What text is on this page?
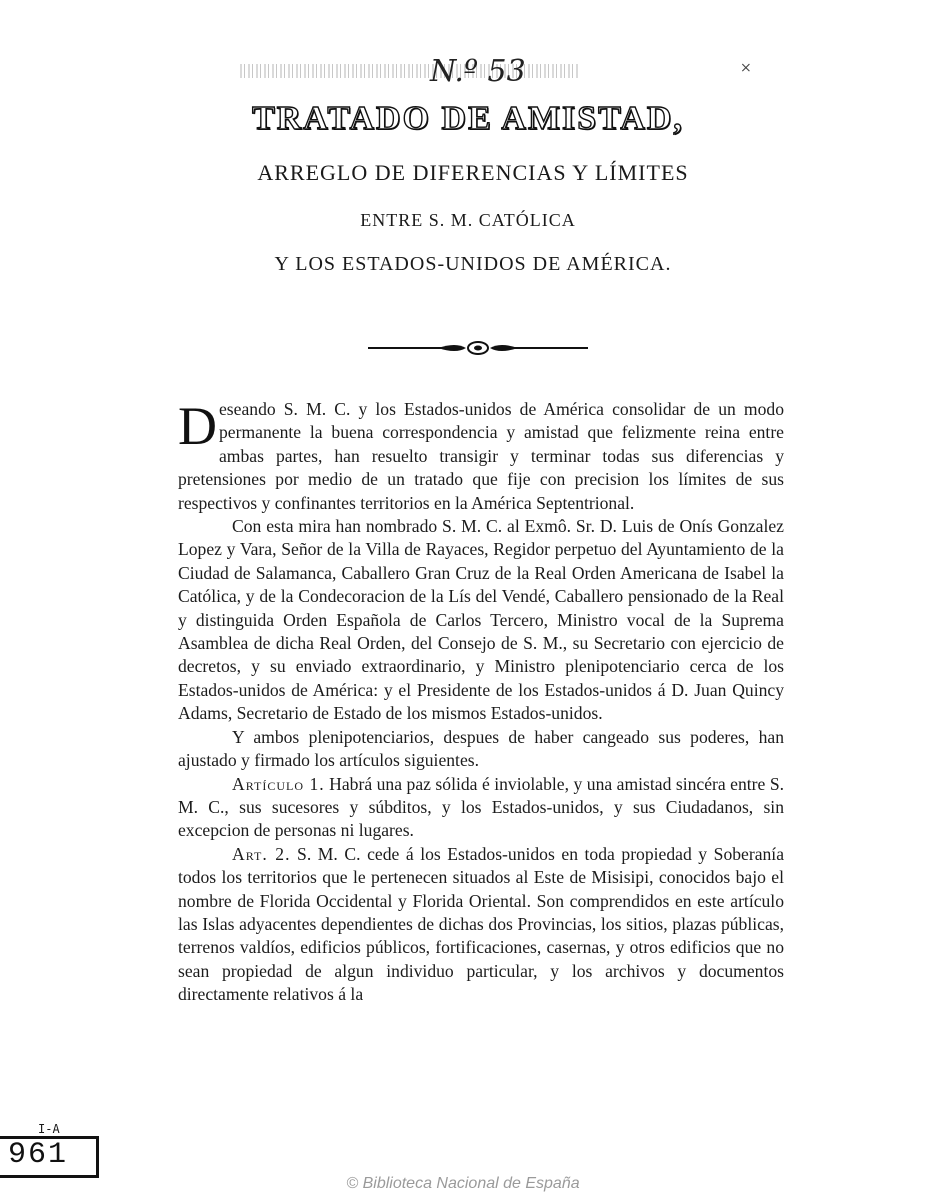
N.º 53	×
TRATADO DE AMISTAD,
ARREGLO DE DIFERENCIAS Y LÍMITES
ENTRE S. M. CATÓLICA
Y LOS ESTADOS-UNIDOS DE AMÉRICA.

Deseando S. M. C. y los Estados-unidos de América consolidar de un modo permanente la buena correspondencia y amistad que felizmente reina entre ambas partes, han resuelto transigir y terminar todas sus diferencias y pretensiones por medio de un tratado que fije con precision los límites de sus respectivos y confinantes territorios en la América Septentrional.

Con esta mira han nombrado S. M. C. al Exmô. Sr. D. Luis de Onís Gonzalez Lopez y Vara, Señor de la Villa de Rayaces, Regidor perpetuo del Ayuntamiento de la Ciudad de Salamanca, Caballero Gran Cruz de la Real Orden Americana de Isabel la Católica, y de la Condecoracion de la Lís del Vendé, Caballero pensionado de la Real y distinguida Orden Española de Carlos Tercero, Ministro vocal de la Suprema Asamblea de dicha Real Orden, del Consejo de S. M., su Secretario con ejercicio de decretos, y su enviado extraordinario, y Ministro plenipotenciario cerca de los Estados-unidos de América: y el Presidente de los Estados-unidos á D. Juan Quincy Adams, Secretario de Estado de los mismos Estados-unidos.

Y ambos plenipotenciarios, despues de haber cangeado sus poderes, han ajustado y firmado los artículos siguientes.

Artículo 1. Habrá una paz sólida é inviolable, y una amistad sincéra entre S. M. C., sus sucesores y súbditos, y los Estados-unidos, y sus Ciudadanos, sin excepcion de personas ni lugares.

Art. 2. S. M. C. cede á los Estados-unidos en toda propiedad y Soberanía todos los territorios que le pertenecen situados al Este de Misisipi, conocidos bajo el nombre de Florida Occidental y Florida Oriental. Son comprendidos en este artículo las Islas adyacentes dependientes de dichas dos Provincias, los sitios, plazas públicas, terrenos valdíos, edificios públicos, fortificaciones, casernas, y otros edificios que no sean propiedad de algun individuo particular, y los archivos y documentos directamente relativos á la

I-A
961
© Biblioteca Nacional de España
